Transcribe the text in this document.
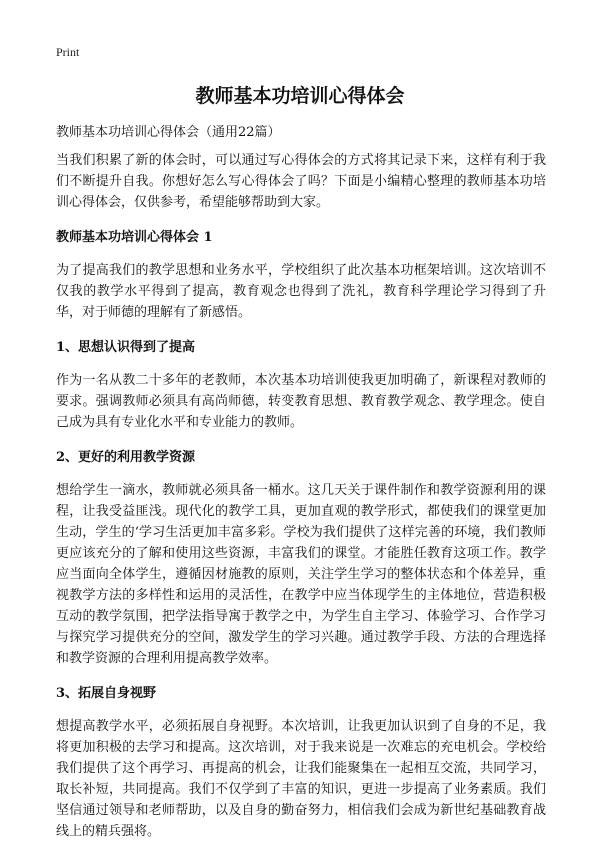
Print
教师基本功培训心得体会

教师基本功培训心得体会（通用22篇）

当我们积累了新的体会时，可以通过写心得体会的方式将其记录下来，这样有利于我们不断提升自我。你想好怎么写心得体会了吗？下面是小编精心整理的教师基本功培训心得体会，仅供参考，希望能够帮助到大家。

教师基本功培训心得体会 1

为了提高我们的教学思想和业务水平，学校组织了此次基本功框架培训。这次培训不仅我的教学水平得到了提高，教育观念也得到了洗礼，教育科学理论学习得到了升华，对于师德的理解有了新感悟。

1、思想认识得到了提高

作为一名从教二十多年的老教师，本次基本功培训使我更加明确了，新课程对教师的要求。强调教师必须具有高尚师德，转变教育思想、教育教学观念、教学理念。使自己成为具有专业化水平和专业能力的教师。

2、更好的利用教学资源

想给学生一滴水，教师就必须具备一桶水。这几天关于课件制作和教学资源利用的课程，让我受益匪浅。现代化的教学工具，更加直观的教学形式，都使我们的课堂更加生动，学生的‘学习生活更加丰富多彩。学校为我们提供了这样完善的环境，我们教师更应该充分的了解和使用这些资源，丰富我们的课堂。才能胜任教育这项工作。教学应当面向全体学生，遵循因材施教的原则，关注学生学习的整体状态和个体差异，重视教学方法的多样性和运用的灵活性，在教学中应当体现学生的主体地位，营造积极互动的教学氛围，把学法指导寓于教学之中，为学生自主学习、体验学习、合作学习与探究学习提供充分的空间，激发学生的学习兴趣。通过教学手段、方法的合理选择和教学资源的合理利用提高教学效率。

3、拓展自身视野

想提高教学水平，必须拓展自身视野。本次培训，让我更加认识到了自身的不足，我将更加积极的去学习和提高。这次培训，对于我来说是一次难忘的充电机会。学校给我们提供了这个再学习、再提高的机会，让我们能聚集在一起相互交流，共同学习，取长补短，共同提高。我们不仅学到了丰富的知识，更进一步提高了业务素质。我们坚信通过领导和老师帮助，以及自身的勤奋努力，相信我们会成为新世纪基础教育战线上的精兵强将。
